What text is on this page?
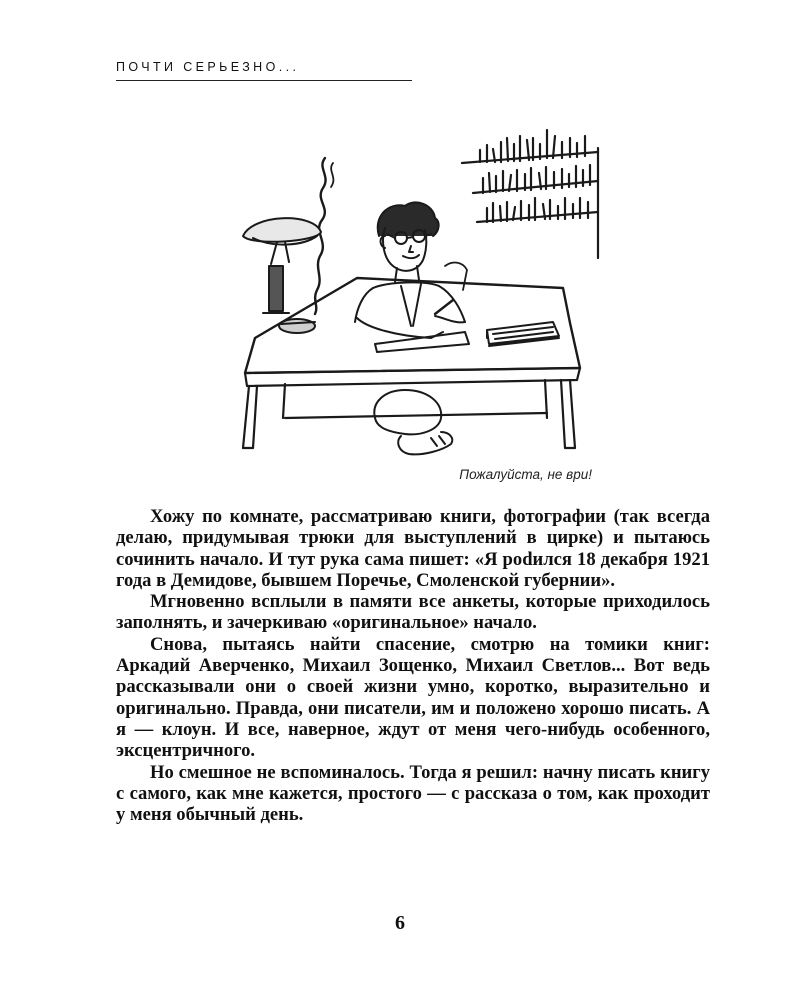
ПОЧТИ СЕРЬЕЗНО...
Пожалуйста, не ври!

Хожу по комнате, рассматриваю книги, фотографии (так всегда делаю, придумывая трюки для выступлений в цирке) и пытаюсь сочинить начало. И тут рука сама пишет: «Я роdился 18 декабря 1921 года в Демидове, бывшем Поречье, Смоленской губернии».

Мгновенно всплыли в памяти все анкеты, которые приходилось заполнять, и зачеркиваю «оригинальное» начало.

Снова, пытаясь найти спасение, смотрю на томики книг: Аркадий Аверченко, Михаил Зощенко, Михаил Светлов... Вот ведь рассказывали они о своей жизни умно, коротко, выразительно и оригинально. Правда, они писатели, им и положено хорошо писать. А я — клоун. И все, наверное, ждут от меня чего-нибудь особенного, эксцентричного.

Но смешное не вспоминалось. Тогда я решил: начну писать книгу с самого, как мне кажется, простого — с рассказа о том, как проходит у меня обычный день.

6
